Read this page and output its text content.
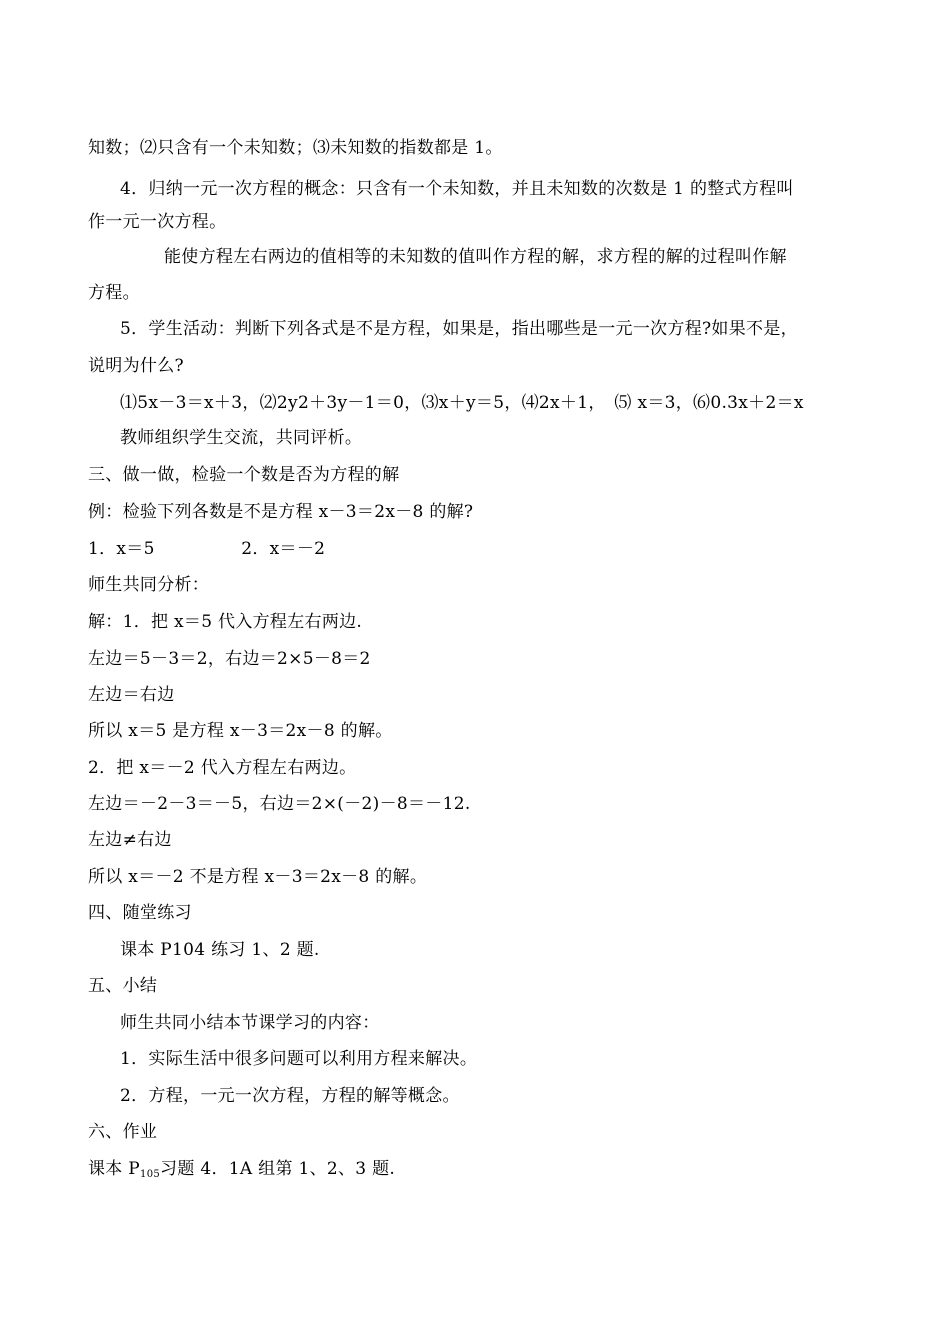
知数；⑵只含有一个未知数；⑶未知数的指数都是 1。
4．归纳一元一次方程的概念：只含有一个未知数，并且未知数的次数是 1 的整式方程叫
作一元一次方程。
能使方程左右两边的值相等的未知数的值叫作方程的解，求方程的解的过程叫作解
方程。
5．学生活动：判断下列各式是不是方程，如果是，指出哪些是一元一次方程?如果不是，
说明为什么?
⑴5x－3＝x＋3，⑵2y2＋3y－1＝0，⑶x＋y＝5，⑷2x＋1，　⑸ x＝3，⑹0.3x＋2＝x
教师组织学生交流，共同评析。
三、做一做，检验一个数是否为方程的解
例：检验下列各数是不是方程 x－3＝2x－8 的解?
1．x＝5　　　　　2．x＝－2
师生共同分析：
解：1．把 x＝5 代入方程左右两边.
左边＝5－3＝2，右边＝2×5－8＝2
左边＝右边
所以 x＝5 是方程 x－3＝2x－8 的解。
2．把 x＝－2 代入方程左右两边。
左边＝－2－3＝－5，右边＝2×(－2)－8＝－12.
左边≠右边
所以 x＝－2 不是方程 x－3＝2x－8 的解。
四、随堂练习
课本 P104 练习 1、2 题.
五、小结
师生共同小结本节课学习的内容：
1．实际生活中很多问题可以利用方程来解决。
2．方程，一元一次方程，方程的解等概念。
六、作业
课本 P105习题 4．1A 组第 1、2、3 题.
